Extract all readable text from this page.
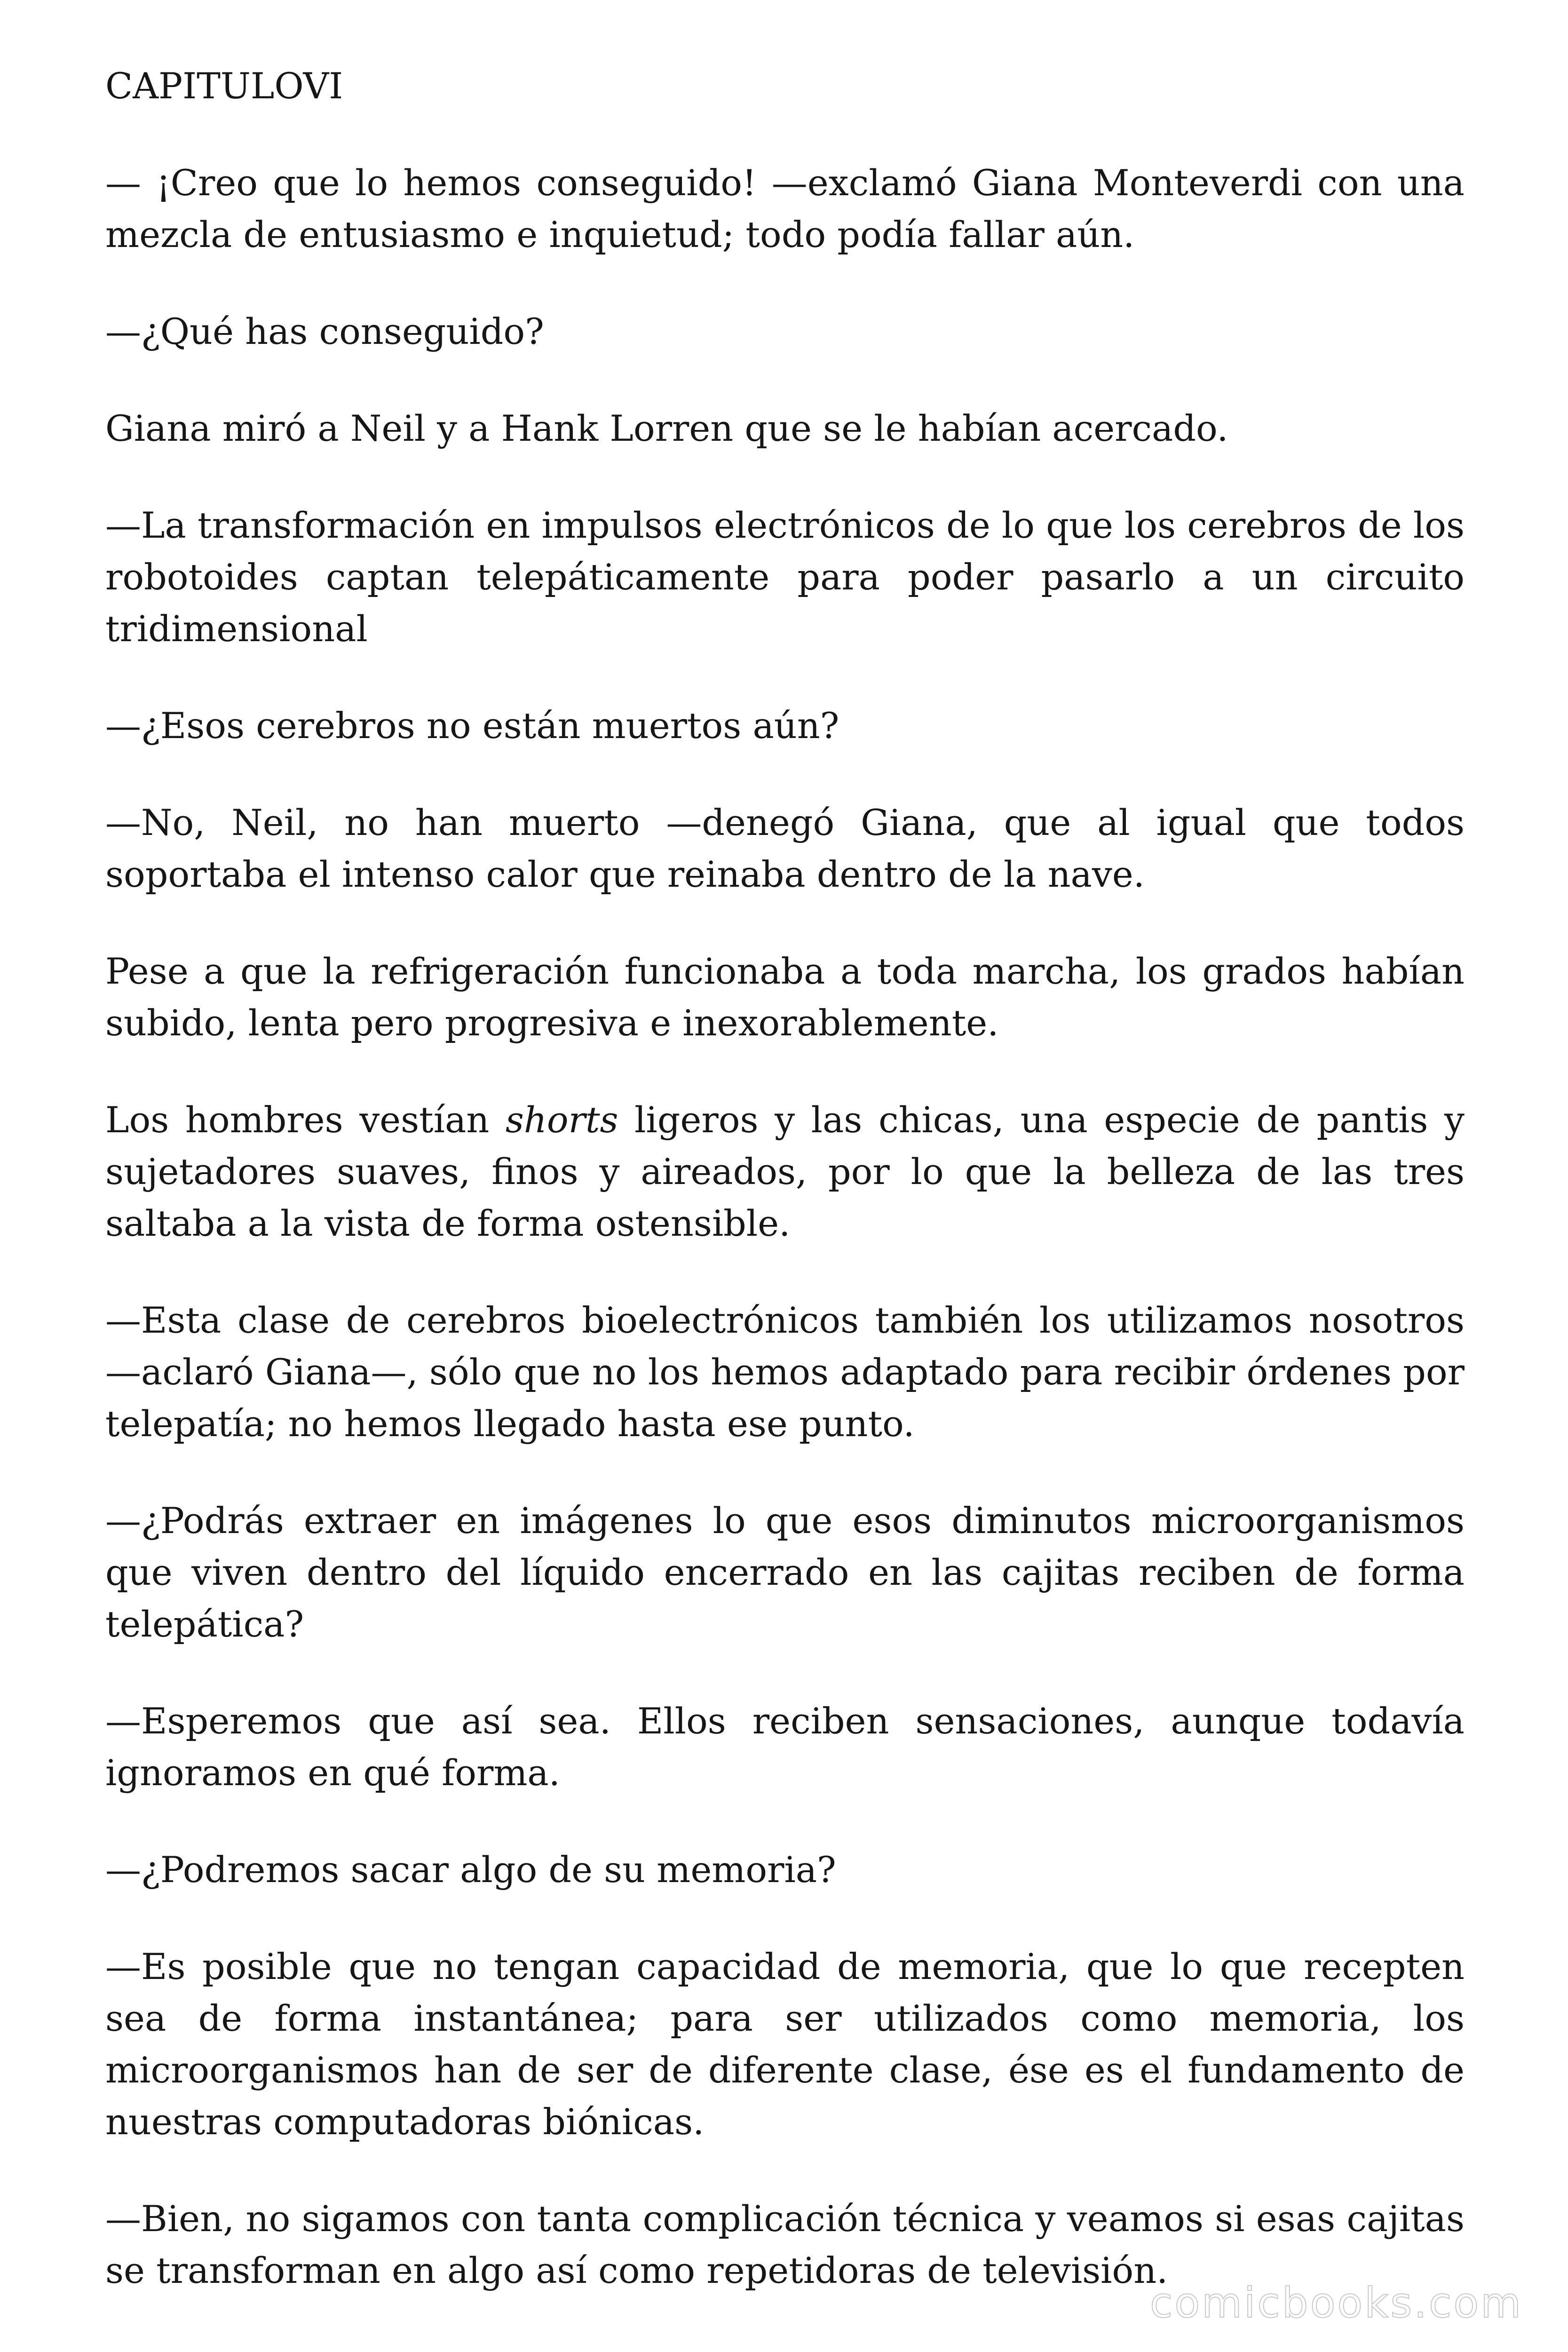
CAPITULOVI

— ¡Creo que lo hemos conseguido! —exclamó Giana Monteverdi con una mezcla de entusiasmo e inquietud; todo podía fallar aún.

—¿Qué has conseguido?

Giana miró a Neil y a Hank Lorren que se le habían acercado.

—La transformación en impulsos electrónicos de lo que los cerebros de los robotoides captan telepáticamente para poder pasarlo a un circuito tridimensional

—¿Esos cerebros no están muertos aún?

—No, Neil, no han muerto —denegó Giana, que al igual que todos soportaba el intenso calor que reinaba dentro de la nave.

Pese a que la refrigeración funcionaba a toda marcha, los grados habían subido, lenta pero progresiva e inexorablemente.

Los hombres vestían shorts ligeros y las chicas, una especie de pantis y sujetadores suaves, finos y aireados, por lo que la belleza de las tres saltaba a la vista de forma ostensible.

—Esta clase de cerebros bioelectrónicos también los utilizamos nosotros —aclaró Giana—, sólo que no los hemos adaptado para recibir órdenes por telepatía; no hemos llegado hasta ese punto.

—¿Podrás extraer en imágenes lo que esos diminutos microorganismos que viven dentro del líquido encerrado en las cajitas reciben de forma telepática?

—Esperemos que así sea. Ellos reciben sensaciones, aunque todavía ignoramos en qué forma.

—¿Podremos sacar algo de su memoria?

—Es posible que no tengan capacidad de memoria, que lo que recepten sea de forma instantánea; para ser utilizados como memoria, los microorganismos han de ser de diferente clase, ése es el fundamento de nuestras computadoras biónicas.

—Bien, no sigamos con tanta complicación técnica y veamos si esas cajitas se transforman en algo así como repetidoras de televisión.

comicbooks.com
